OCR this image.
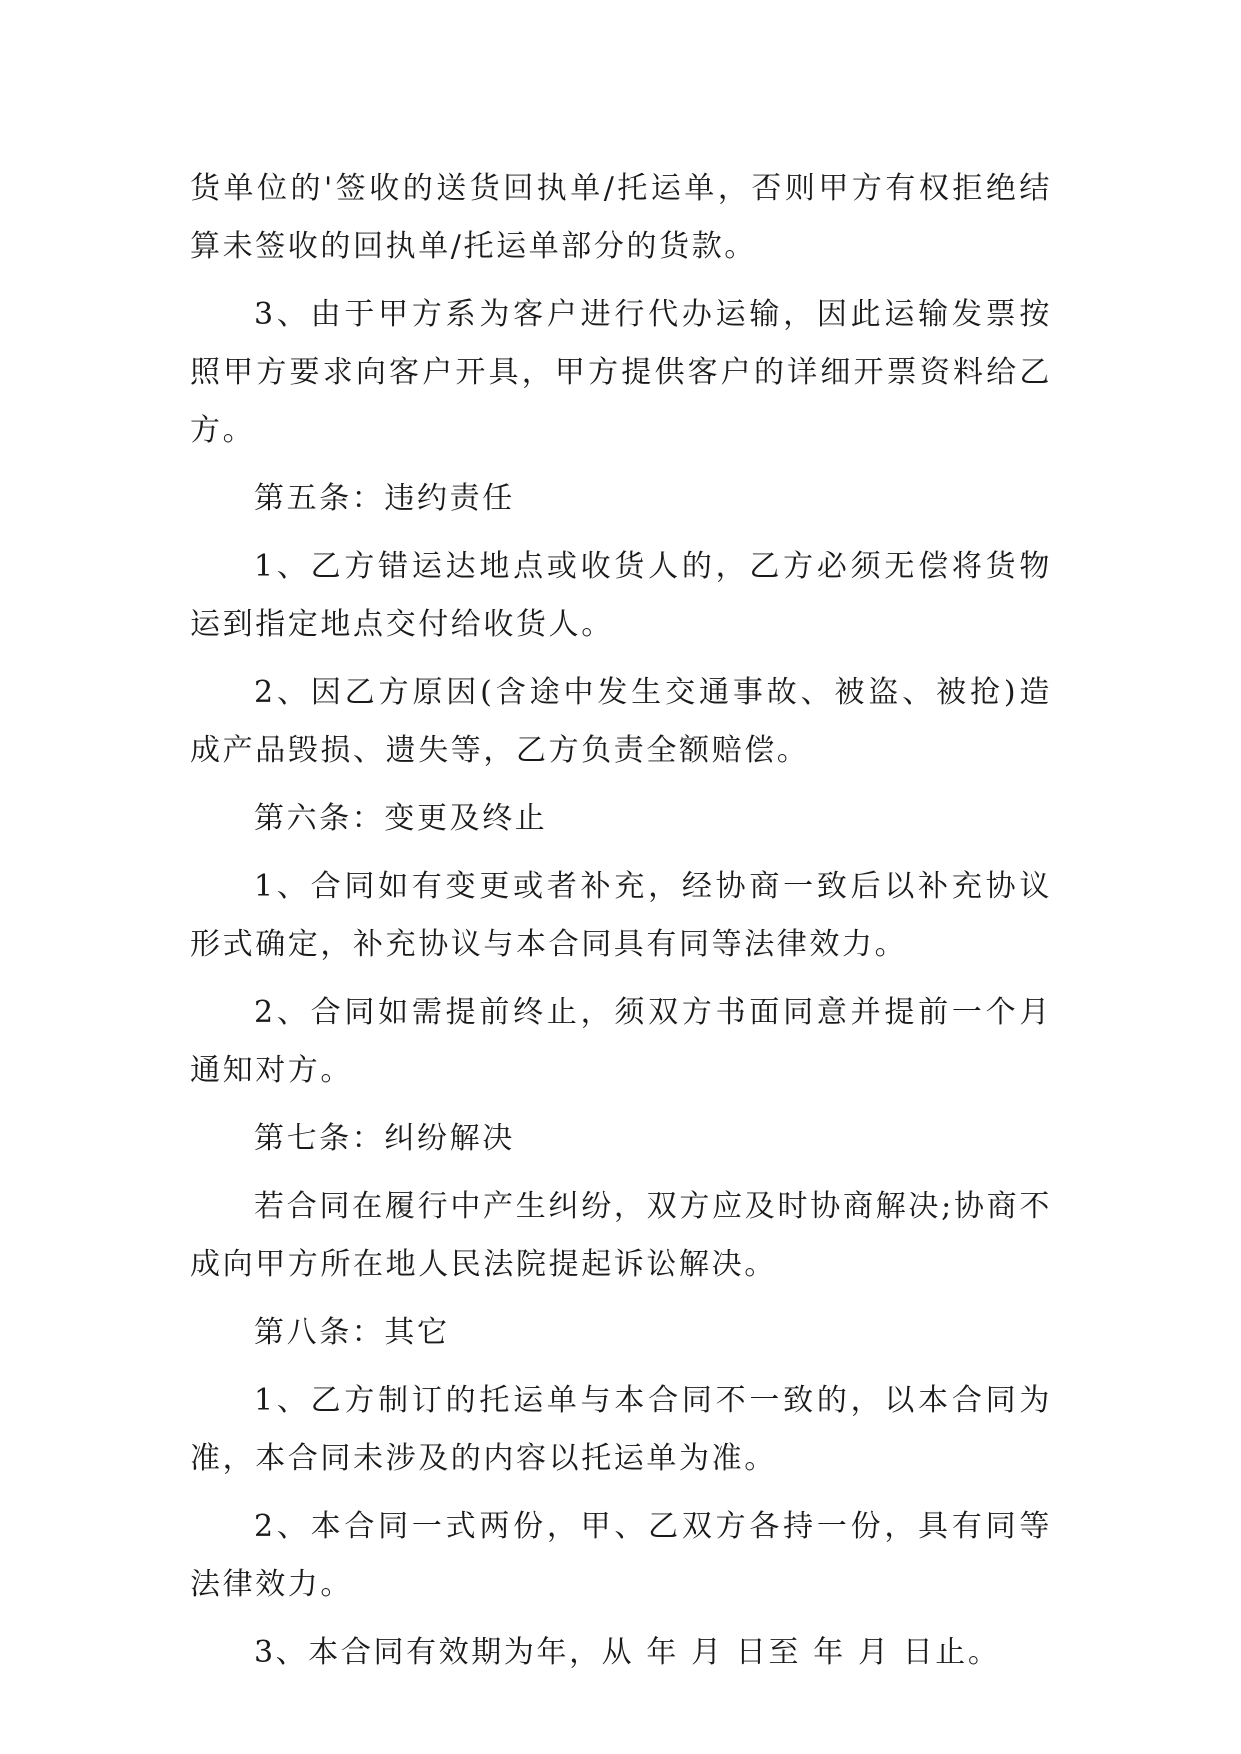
货单位的'签收的送货回执单/托运单，否则甲方有权拒绝结算未签收的回执单/托运单部分的货款。

3、由于甲方系为客户进行代办运输，因此运输发票按照甲方要求向客户开具，甲方提供客户的详细开票资料给乙方。

第五条：违约责任

1、乙方错运达地点或收货人的，乙方必须无偿将货物运到指定地点交付给收货人。

2、因乙方原因(含途中发生交通事故、被盗、被抢)造成产品毁损、遗失等，乙方负责全额赔偿。

第六条：变更及终止

1、合同如有变更或者补充，经协商一致后以补充协议形式确定，补充协议与本合同具有同等法律效力。

2、合同如需提前终止，须双方书面同意并提前一个月通知对方。

第七条：纠纷解决

若合同在履行中产生纠纷，双方应及时协商解决;协商不成向甲方所在地人民法院提起诉讼解决。

第八条：其它

1、乙方制订的托运单与本合同不一致的，以本合同为准，本合同未涉及的内容以托运单为准。

2、本合同一式两份，甲、乙双方各持一份，具有同等法律效力。

3、本合同有效期为年，从 年 月 日至 年 月 日止。
